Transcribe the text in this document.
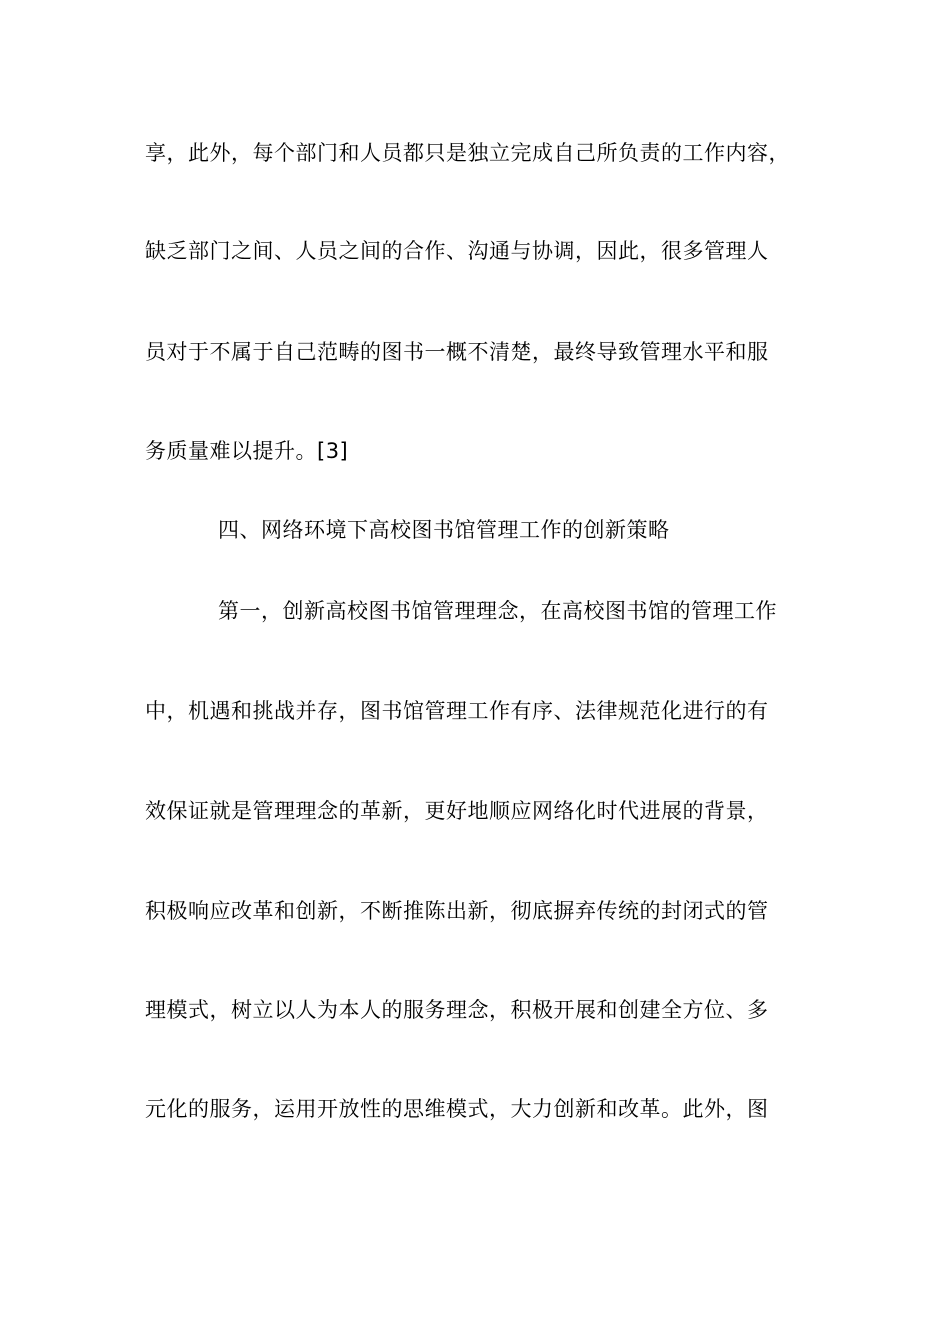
享，此外，每个部门和人员都只是独立完成自己所负责的工作内容，
缺乏部门之间、人员之间的合作、沟通与协调，因此，很多管理人
员对于不属于自己范畴的图书一概不清楚，最终导致管理水平和服
务质量难以提升。[3]
四、网络环境下高校图书馆管理工作的创新策略
第一，创新高校图书馆管理理念，在高校图书馆的管理工作
中，机遇和挑战并存，图书馆管理工作有序、法律规范化进行的有
效保证就是管理理念的革新，更好地顺应网络化时代进展的背景，
积极响应改革和创新，不断推陈出新，彻底摒弃传统的封闭式的管
理模式，树立以人为本人的服务理念，积极开展和创建全方位、多
元化的服务，运用开放性的思维模式，大力创新和改革。此外，图
